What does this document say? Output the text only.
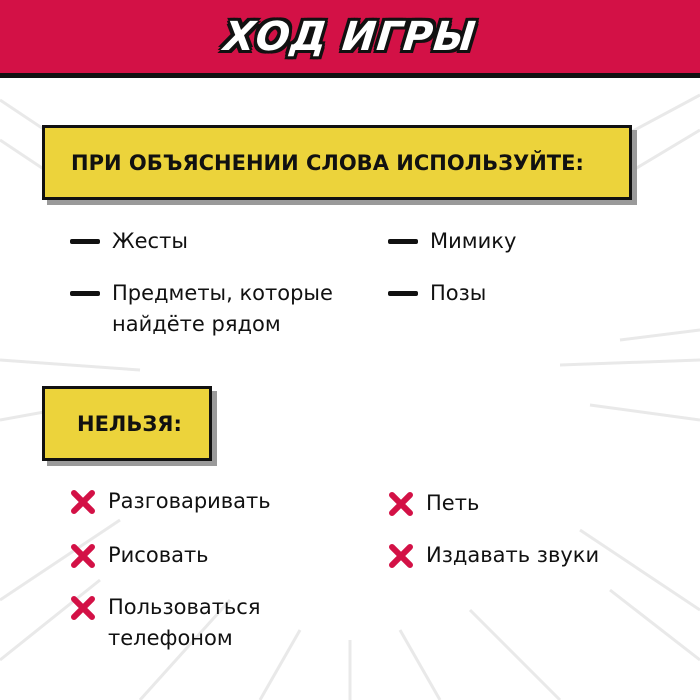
ХОД ИГРЫ
ПРИ ОБЪЯСНЕНИИ СЛОВА ИСПОЛЬЗУЙТЕ:
Жесты	Мимику
Предметы, которые
найдёте рядом
Позы
НЕЛЬЗЯ:
Разговаривать	Петь
Рисовать	Издавать звуки
Пользоваться
телефоном
